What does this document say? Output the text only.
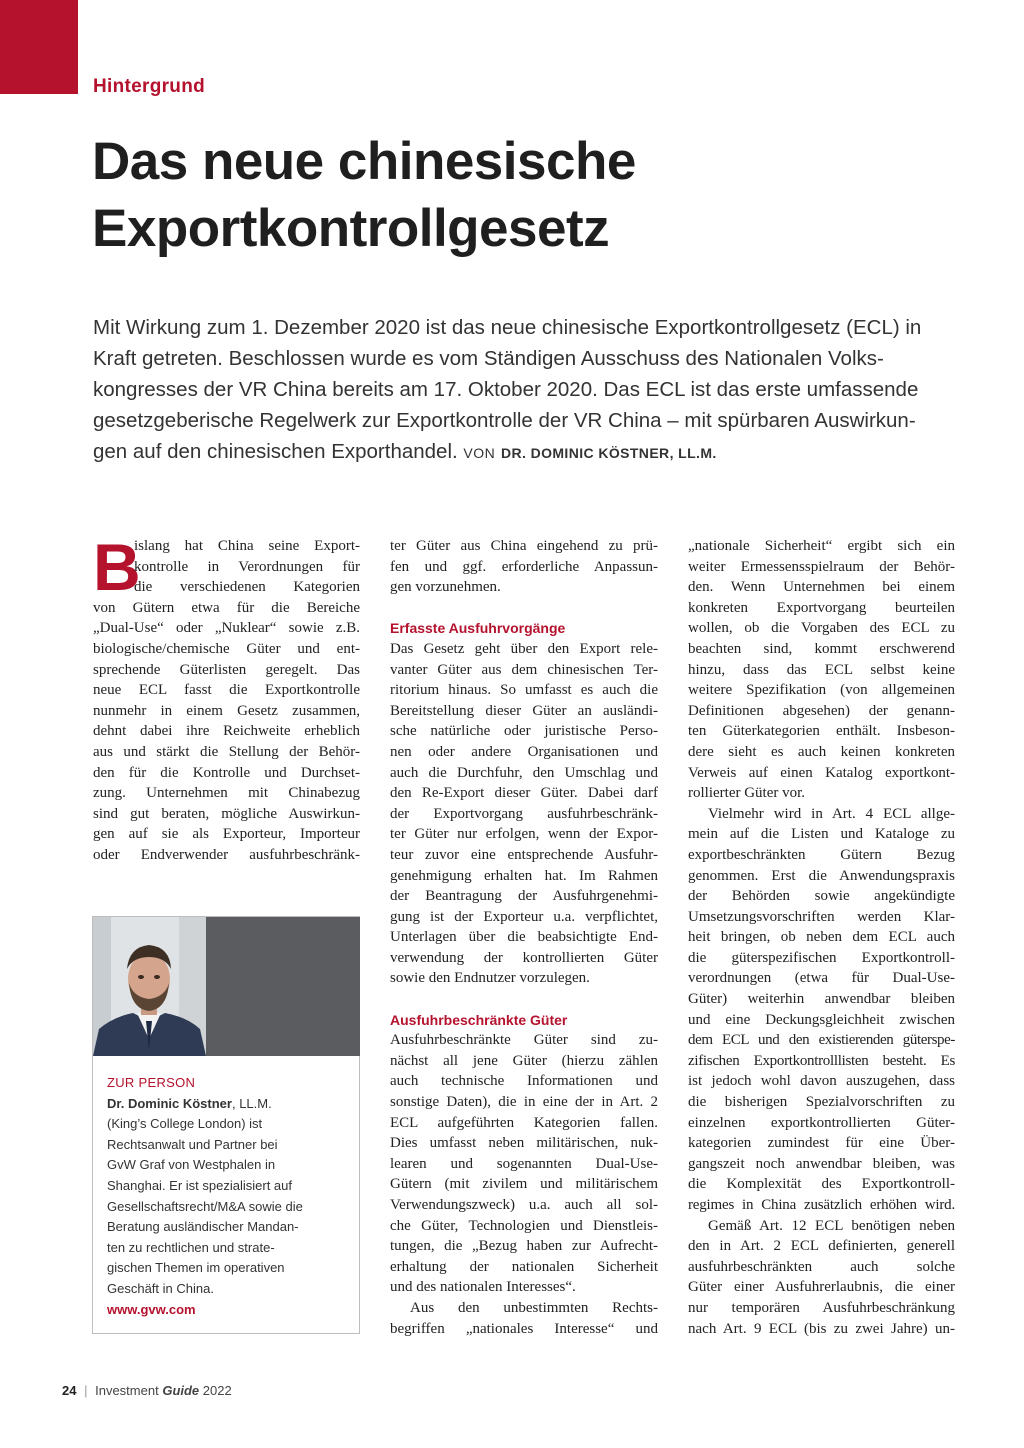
Hintergrund
Das neue chinesische
Exportkontrollgesetz
Mit Wirkung zum 1. Dezember 2020 ist das neue chinesische Exportkontrollgesetz (ECL) in
Kraft getreten. Beschlossen wurde es vom Ständigen Ausschuss des Nationalen Volks-
kongresses der VR China bereits am 17. Oktober 2020. Das ECL ist das erste umfassende
gesetzgeberische Regelwerk zur Exportkontrolle der VR China – mit spürbaren Auswirkun-
gen auf den chinesischen Exporthandel. VON DR. DOMINIC KÖSTNER, LL.M.
B
islang hat China seine Export-
kontrolle in Verordnungen für
die verschiedenen Kategorien
von Gütern etwa für die Bereiche
„Dual-Use“ oder „Nuklear“ sowie z.B.
biologische/chemische Güter und ent-
sprechende Güterlisten geregelt. Das
neue ECL fasst die Exportkontrolle
nunmehr in einem Gesetz zusammen,
dehnt dabei ihre Reichweite erheblich
aus und stärkt die Stellung der Behör-
den für die Kontrolle und Durchset-
zung. Unternehmen mit Chinabezug
sind gut beraten, mögliche Auswirkun-
gen auf sie als Exporteur, Importeur
oder Endverwender ausfuhrbeschränk-
ter Güter aus China eingehend zu prü-
fen und ggf. erforderliche Anpassun-
gen vorzunehmen.
Erfasste Ausfuhrvorgänge
Das Gesetz geht über den Export rele-
vanter Güter aus dem chinesischen Ter-
ritorium hinaus. So umfasst es auch die
Bereitstellung dieser Güter an ausländi-
sche natürliche oder juristische Perso-
nen oder andere Organisationen und
auch die Durchfuhr, den Umschlag und
den Re-Export dieser Güter. Dabei darf
der Exportvorgang ausfuhrbeschränk-
ter Güter nur erfolgen, wenn der Expor-
teur zuvor eine entsprechende Ausfuhr-
genehmigung erhalten hat. Im Rahmen
der Beantragung der Ausfuhrgenehmi-
gung ist der Exporteur u.a. verpflichtet,
Unterlagen über die beabsichtigte End-
verwendung der kontrollierten Güter
sowie den Endnutzer vorzulegen.
Ausfuhrbeschränkte Güter
Ausfuhrbeschränkte Güter sind zu-
nächst all jene Güter (hierzu zählen
auch technische Informationen und
sonstige Daten), die in eine der in Art. 2
ECL aufgeführten Kategorien fallen.
Dies umfasst neben militärischen, nuk-
learen und sogenannten Dual-Use-
Gütern (mit zivilem und militärischem
Verwendungszweck) u.a. auch all sol-
che Güter, Technologien und Dienstleis-
tungen, die „Bezug haben zur Aufrecht-
erhaltung der nationalen Sicherheit
und des nationalen Interesses“.
Aus den unbestimmten Rechts-
begriffen „nationales Interesse“ und
„nationale Sicherheit“ ergibt sich ein
weiter Ermessensspielraum der Behör-
den. Wenn Unternehmen bei einem
konkreten Exportvorgang beurteilen
wollen, ob die Vorgaben des ECL zu
beachten sind, kommt erschwerend
hinzu, dass das ECL selbst keine
weitere Spezifikation (von allgemeinen
Definitionen abgesehen) der genann-
ten Güterkategorien enthält. Insbeson-
dere sieht es auch keinen konkreten
Verweis auf einen Katalog exportkont-
rollierter Güter vor.
Vielmehr wird in Art. 4 ECL allge-
mein auf die Listen und Kataloge zu
exportbeschränkten Gütern Bezug
genommen. Erst die Anwendungspraxis
der Behörden sowie angekündigte
Umsetzungsvorschriften werden Klar-
heit bringen, ob neben dem ECL auch
die güterspezifischen Exportkontroll-
verordnungen (etwa für Dual-Use-
Güter) weiterhin anwendbar bleiben
und eine Deckungsgleichheit zwischen
dem ECL und den existierenden güterspe-
zifischen Exportkontrolllisten besteht. Es
ist jedoch wohl davon auszugehen, dass
die bisherigen Spezialvorschriften zu
einzelnen exportkontrollierten Güter-
kategorien zumindest für eine Über-
gangszeit noch anwendbar bleiben, was
die Komplexität des Exportkontroll-
regimes in China zusätzlich erhöhen wird.
Gemäß Art. 12 ECL benötigen neben
den in Art. 2 ECL definierten, generell
ausfuhrbeschränkten auch solche
Güter einer Ausfuhrerlaubnis, die einer
nur temporären Ausfuhrbeschränkung
nach Art. 9 ECL (bis zu zwei Jahre) un-
ZUR PERSON
Dr. Dominic Köstner, LL.M.
(King’s College London) ist
Rechtsanwalt und Partner bei
GvW Graf von Westphalen in
Shanghai. Er ist spezialisiert auf
Gesellschaftsrecht/M&A sowie die
Beratung ausländischer Mandan-
ten zu rechtlichen und strate-
gischen Themen im operativen
Geschäft in China.
www.gvw.com
24 | Investment Guide 2022
